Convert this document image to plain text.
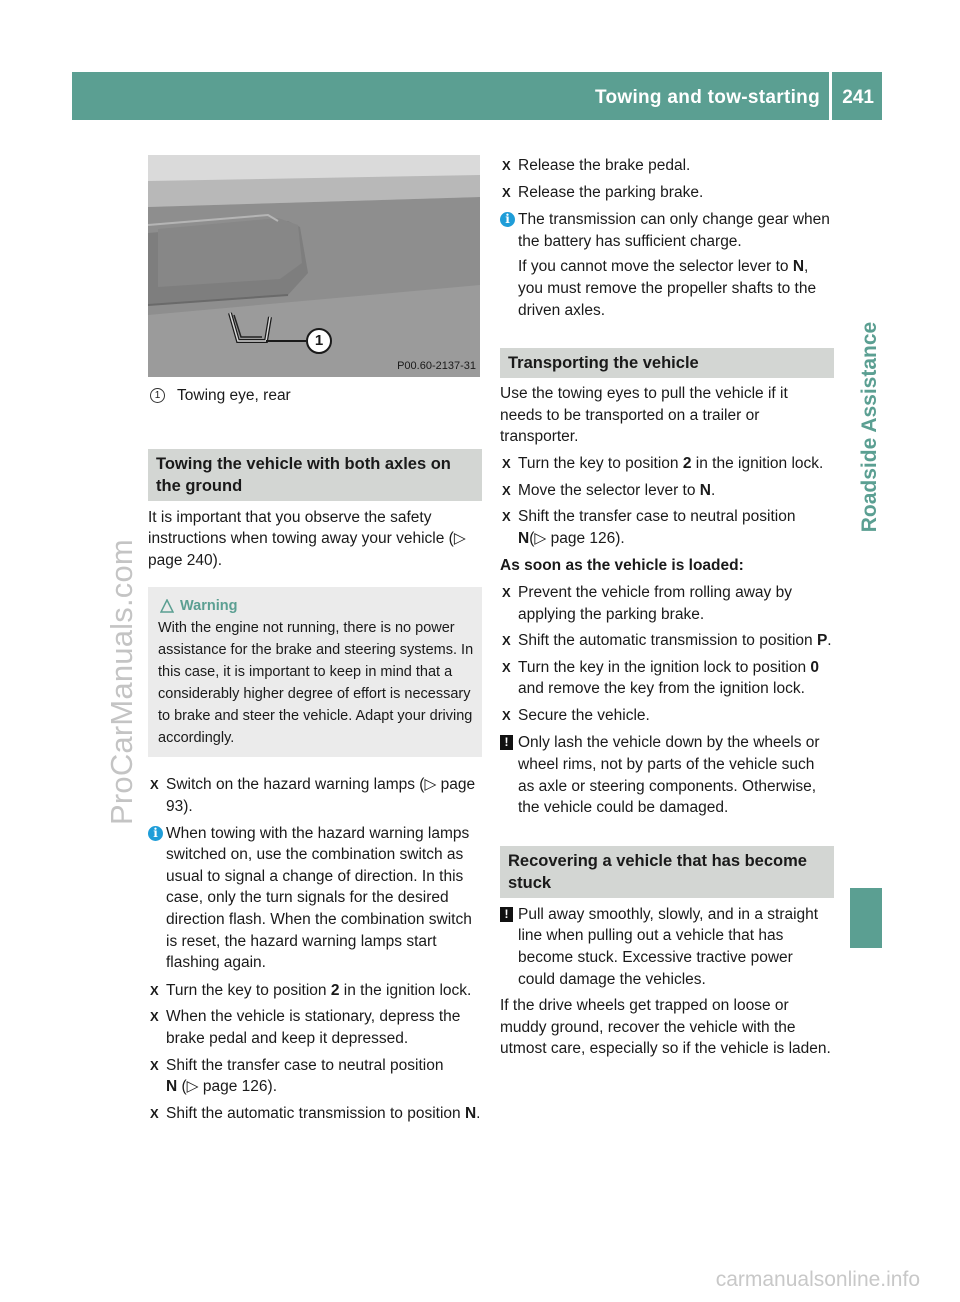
Towing and tow-starting 241
Roadside Assistance
ProCarManuals.com
carmanualsonline.info
1
P00.60-2137-31
1	Towing eye, rear
Towing the vehicle with both axles on the ground

It is important that you observe the safety instructions when towing away your vehicle (▷ page 240).

Warning
With the engine not running, there is no power assistance for the brake and steering systems. In this case, it is important to keep in mind that a considerably higher degree of effort is necessary to brake and steer the vehicle. Adapt your driving accordingly.
X Switch on the hazard warning lamps (▷ page 93).
i When towing with the hazard warning lamps switched on, use the combination switch as usual to signal a change of direction. In this case, only the turn signals for the desired direction flash. When the combination switch is reset, the hazard warning lamps start flashing again.
X Turn the key to position 2 in the ignition lock.
X When the vehicle is stationary, depress the brake pedal and keep it depressed.
X Shift the transfer case to neutral position
N (▷ page 126).
X Shift the automatic transmission to position N.
X Release the brake pedal.
X Release the parking brake.
i The transmission can only change gear when the battery has sufficient charge.
If you cannot move the selector lever to N, you must remove the propeller shafts to the driven axles.
Transporting the vehicle

Use the towing eyes to pull the vehicle if it needs to be transported on a trailer or transporter.

X Turn the key to position 2 in the ignition lock.
X Move the selector lever to N.
X Shift the transfer case to neutral position
N(▷ page 126).
As soon as the vehicle is loaded:
X Prevent the vehicle from rolling away by applying the parking brake.
X Shift the automatic transmission to position P.
X Turn the key in the ignition lock to position 0 and remove the key from the ignition lock.
X Secure the vehicle.
! Only lash the vehicle down by the wheels or wheel rims, not by parts of the vehicle such as axle or steering components. Otherwise, the vehicle could be damaged.
Recovering a vehicle that has become stuck
! Pull away smoothly, slowly, and in a straight line when pulling out a vehicle that has become stuck. Excessive tractive power could damage the vehicles.

If the drive wheels get trapped on loose or muddy ground, recover the vehicle with the utmost care, especially so if the vehicle is laden.
